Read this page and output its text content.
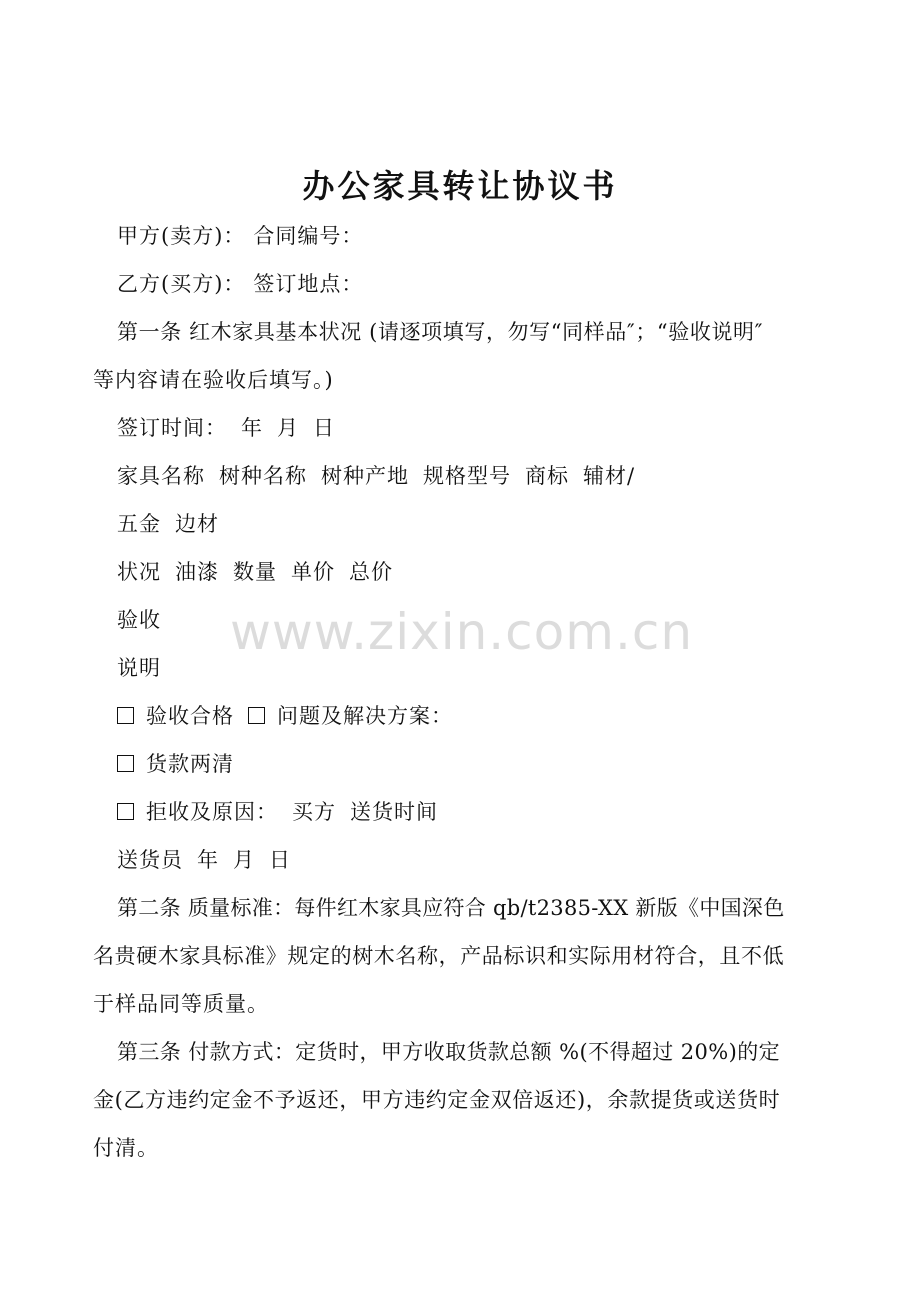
www.zixin.com.cn
办公家具转让协议书
甲方(卖方)： 合同编号：
乙方(买方)： 签订地点：
第一条 红木家具基本状况 (请逐项填写，勿写“同样品″；“验收说明″
等内容请在验收后填写。)
签订时间： 年 月 日
家具名称 树种名称 树种产地 规格型号 商标 辅材/
五金 边材
状况 油漆 数量 单价 总价
验收
说明
验收合格 问题及解决方案：
货款两清
拒收及原因： 买方 送货时间
送货员 年 月 日
第二条 质量标准：每件红木家具应符合 qb/t2385-XX 新版《中国深色
名贵硬木家具标准》规定的树木名称，产品标识和实际用材符合，且不低
于样品同等质量。
第三条 付款方式：定货时，甲方收取货款总额 %(不得超过 20%)的定
金(乙方违约定金不予返还，甲方违约定金双倍返还)，余款提货或送货时
付清。
